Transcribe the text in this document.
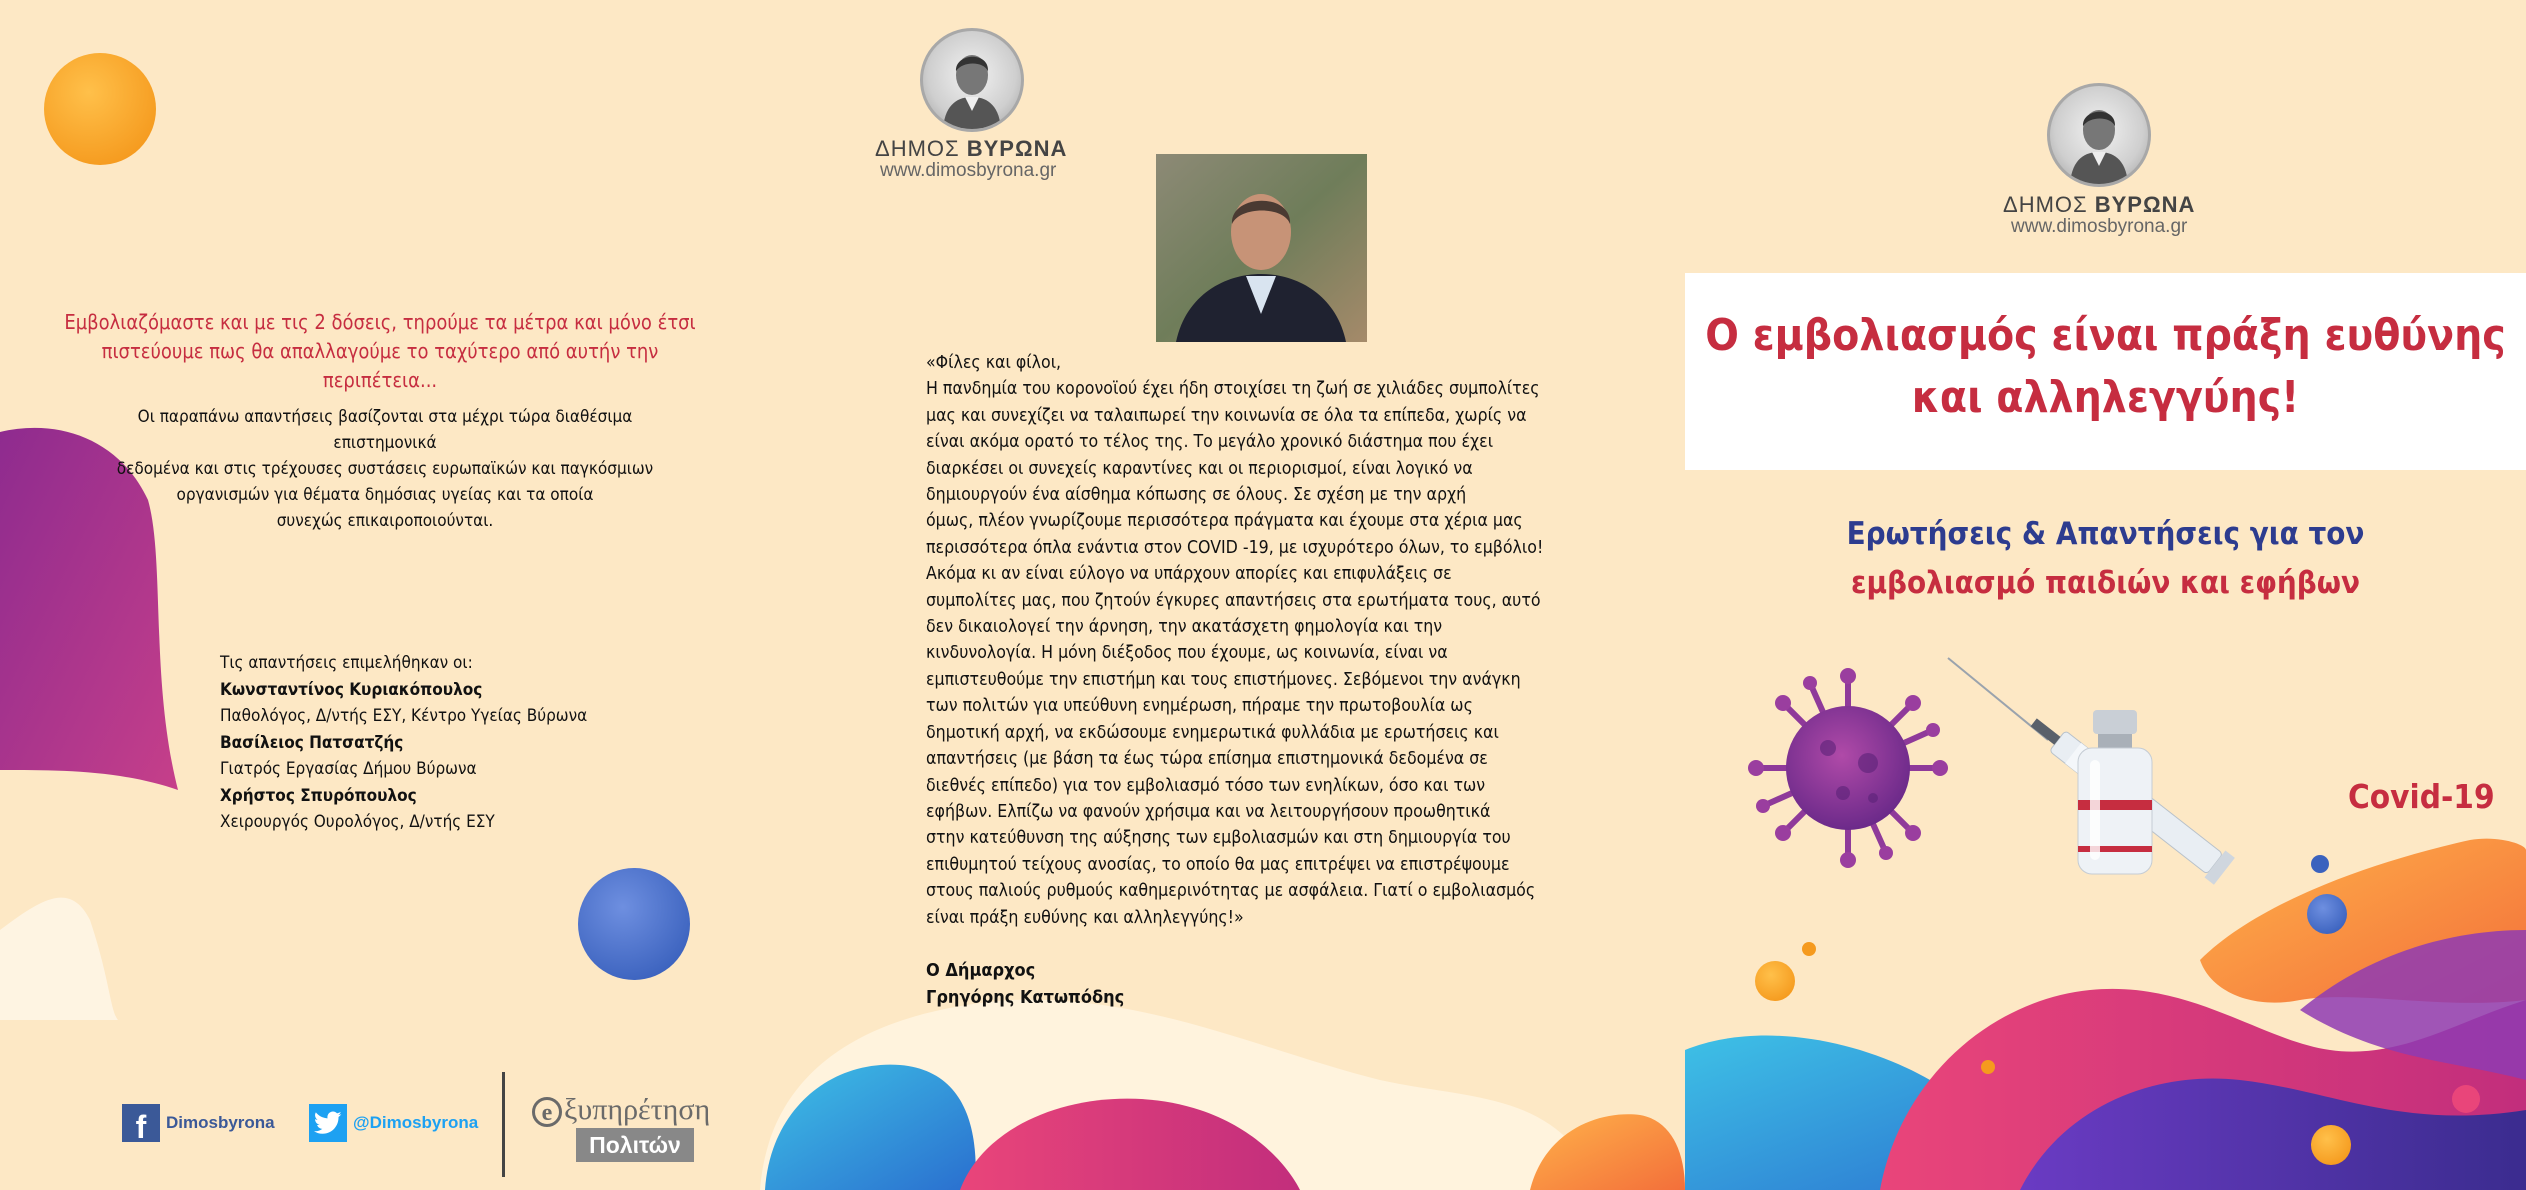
Εμβολιαζόμαστε και με τις 2 δόσεις, τηρούμε τα μέτρα και μόνο έτσι
πιστεύουμε πως θα απαλλαγούμε το ταχύτερο από αυτήν την περιπέτεια...
Οι παραπάνω απαντήσεις βασίζονται στα μέχρι τώρα διαθέσιμα επιστημονικά
δεδομένα και στις τρέχουσες συστάσεις ευρωπαϊκών και παγκόσμιων
οργανισμών για θέματα δημόσιας υγείας και τα οποία
συνεχώς επικαιροποιούνται.
Τις απαντήσεις επιμελήθηκαν οι:
Κωνσταντίνος Κυριακόπουλος
Παθολόγος, Δ/ντής ΕΣΥ, Κέντρο Υγείας Βύρωνα
Βασίλειος Πατσατζής
Γιατρός Εργασίας Δήμου Βύρωνα
Χρήστος Σπυρόπουλος
Χειρουργός Ουρολόγος, Δ/ντής ΕΣΥ
f	Dimosbyrona	@Dimosbyrona	e ξυπηρέτηση
Πολιτών
ΔΗΜΟΣ ΒΥΡΩΝΑ
www.dimosbyrona.gr
«Φίλες και φίλοι,
Η πανδημία του κορονοϊού έχει ήδη στοιχίσει τη ζωή σε χιλιάδες συμπολίτες
μας και συνεχίζει να ταλαιπωρεί την κοινωνία σε όλα τα επίπεδα, χωρίς να
είναι ακόμα ορατό το τέλος της. Το μεγάλο χρονικό διάστημα που έχει
διαρκέσει οι συνεχείς καραντίνες και οι περιορισμοί, είναι λογικό να
δημιουργούν ένα αίσθημα κόπωσης σε όλους. Σε σχέση με την αρχή
όμως, πλέον γνωρίζουμε περισσότερα πράγματα και έχουμε στα χέρια μας
περισσότερα όπλα ενάντια στον COVID -19, με ισχυρότερο όλων, το εμβόλιο!
Ακόμα κι αν είναι εύλογο να υπάρχουν απορίες και επιφυλάξεις σε
συμπολίτες μας, που ζητούν έγκυρες απαντήσεις στα ερωτήματα τους, αυτό
δεν δικαιολογεί την άρνηση, την ακατάσχετη φημολογία και την
κινδυνολογία. Η μόνη διέξοδος που έχουμε, ως κοινωνία, είναι να
εμπιστευθούμε την επιστήμη και τους επιστήμονες. Σεβόμενοι την ανάγκη
των πολιτών για υπεύθυνη ενημέρωση, πήραμε την πρωτοβουλία ως
δημοτική αρχή, να εκδώσουμε ενημερωτικά φυλλάδια με ερωτήσεις και
απαντήσεις (με βάση τα έως τώρα επίσημα επιστημονικά δεδομένα σε
διεθνές επίπεδο) για τον εμβολιασμό τόσο των ενηλίκων, όσο και των
εφήβων. Ελπίζω να φανούν χρήσιμα και να λειτουργήσουν προωθητικά
στην κατεύθυνση της αύξησης των εμβολιασμών και στη δημιουργία του
επιθυμητού τείχους ανοσίας, το οποίο θα μας επιτρέψει να επιστρέψουμε
στους παλιούς ρυθμούς καθημερινότητας με ασφάλεια. Γιατί ο εμβολιασμός
είναι πράξη ευθύνης και αλληλεγγύης!»
Ο Δήμαρχος
Γρηγόρης Κατωπόδης
ΔΗΜΟΣ ΒΥΡΩΝΑ
www.dimosbyrona.gr
Ο εμβολιασμός είναι πράξη ευθύνης
και αλληλεγγύης!
Ερωτήσεις & Απαντήσεις για τον
εμβολιασμό παιδιών και εφήβων
Covid-19
